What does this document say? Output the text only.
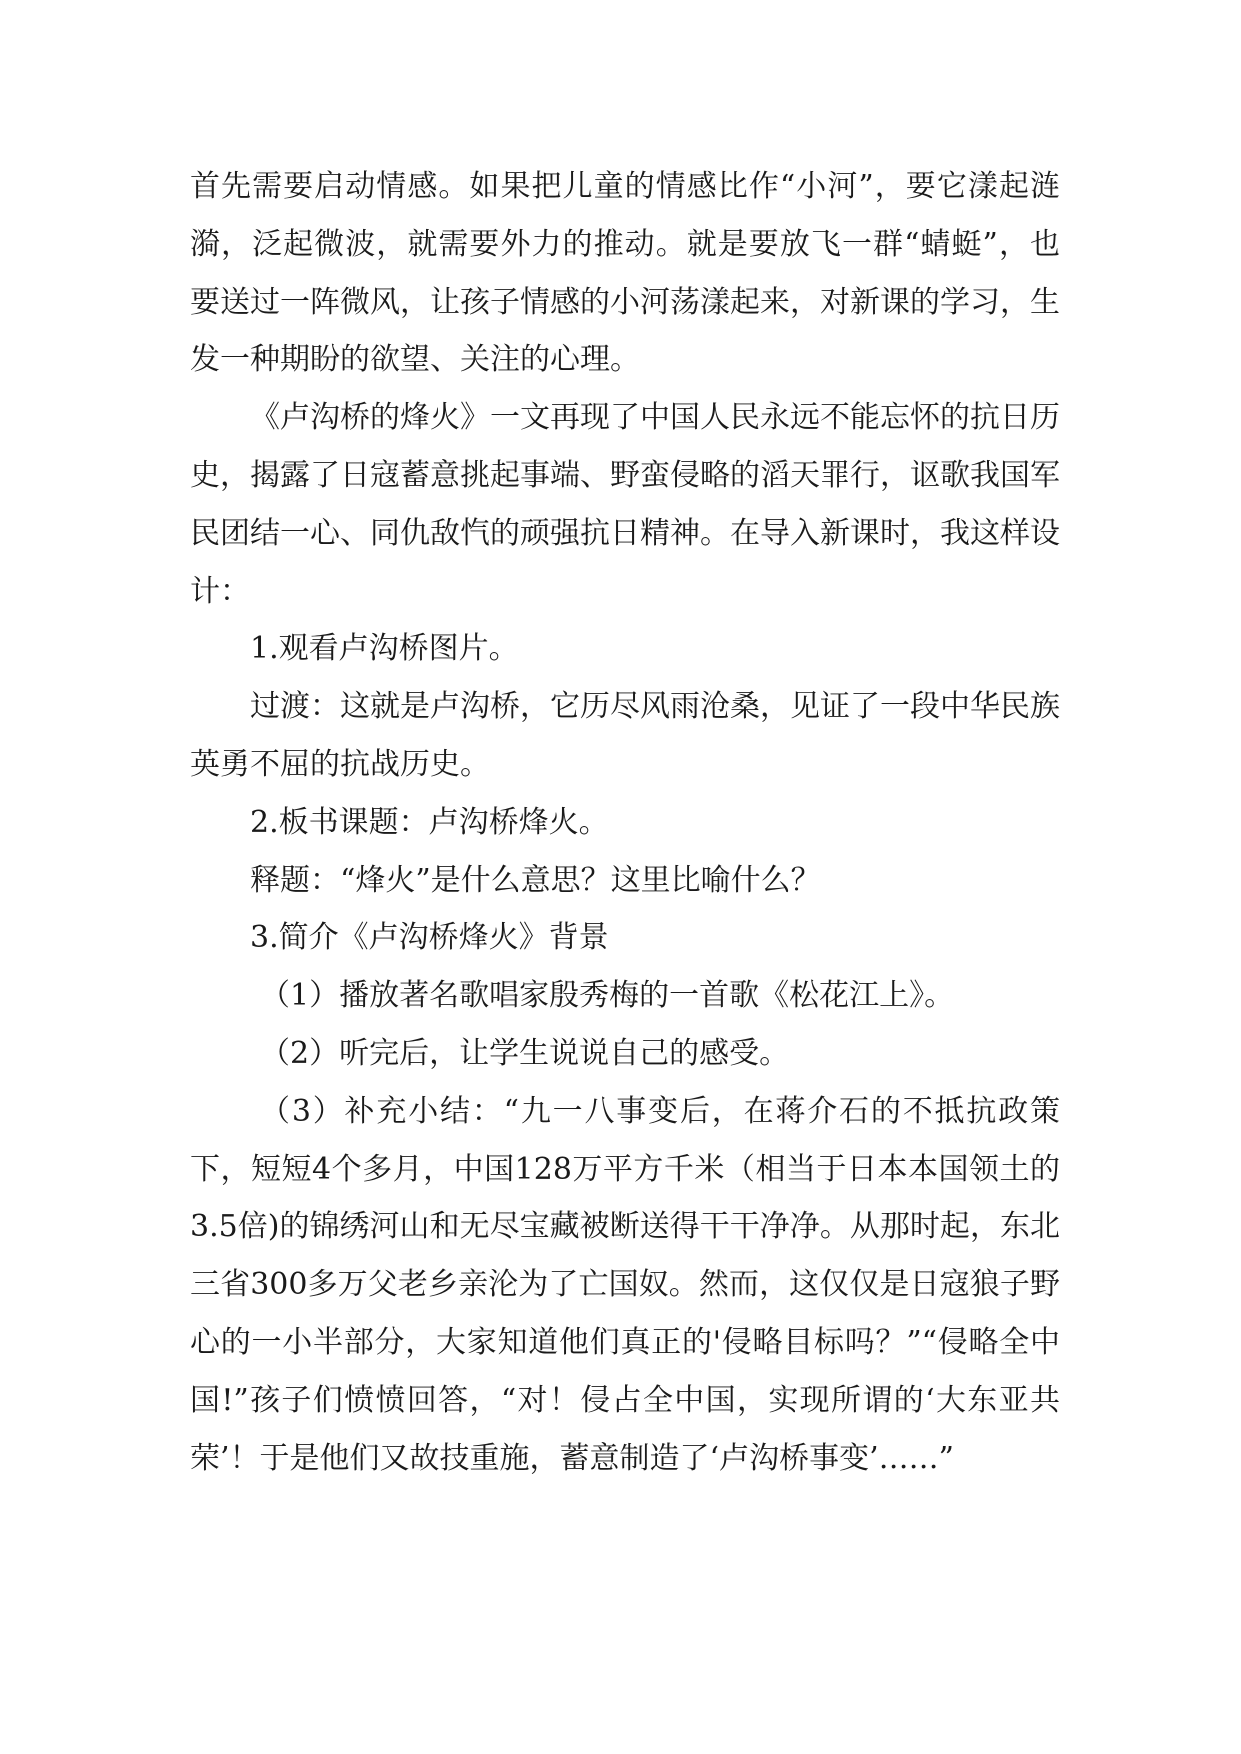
首先需要启动情感。如果把儿童的情感比作“小河”，要它漾起涟漪，泛起微波，就需要外力的推动。就是要放飞一群“蜻蜓”，也要送过一阵微风，让孩子情感的小河荡漾起来，对新课的学习，生发一种期盼的欲望、关注的心理。

《卢沟桥的烽火》一文再现了中国人民永远不能忘怀的抗日历史，揭露了日寇蓄意挑起事端、野蛮侵略的滔天罪行，讴歌我国军民团结一心、同仇敌忾的顽强抗日精神。在导入新课时，我这样设计：

1.观看卢沟桥图片。

过渡：这就是卢沟桥，它历尽风雨沧桑，见证了一段中华民族英勇不屈的抗战历史。

2.板书课题：卢沟桥烽火。

释题：“烽火”是什么意思？这里比喻什么？

3.简介《卢沟桥烽火》背景

（1）播放著名歌唱家殷秀梅的一首歌《松花江上》。

（2）听完后，让学生说说自己的感受。

（3）补充小结：“九一八事变后，在蒋介石的不抵抗政策下，短短4个多月，中国128万平方千米（相当于日本本国领土的3.5倍)的锦绣河山和无尽宝藏被断送得干干净净。从那时起，东北三省300多万父老乡亲沦为了亡国奴。然而，这仅仅是日寇狼子野心的一小半部分，大家知道他们真正的'侵略目标吗？”“侵略全中国!”孩子们愤愤回答，“对！侵占全中国，实现所谓的‘大东亚共荣’！于是他们又故技重施，蓄意制造了‘卢沟桥事变’……”
